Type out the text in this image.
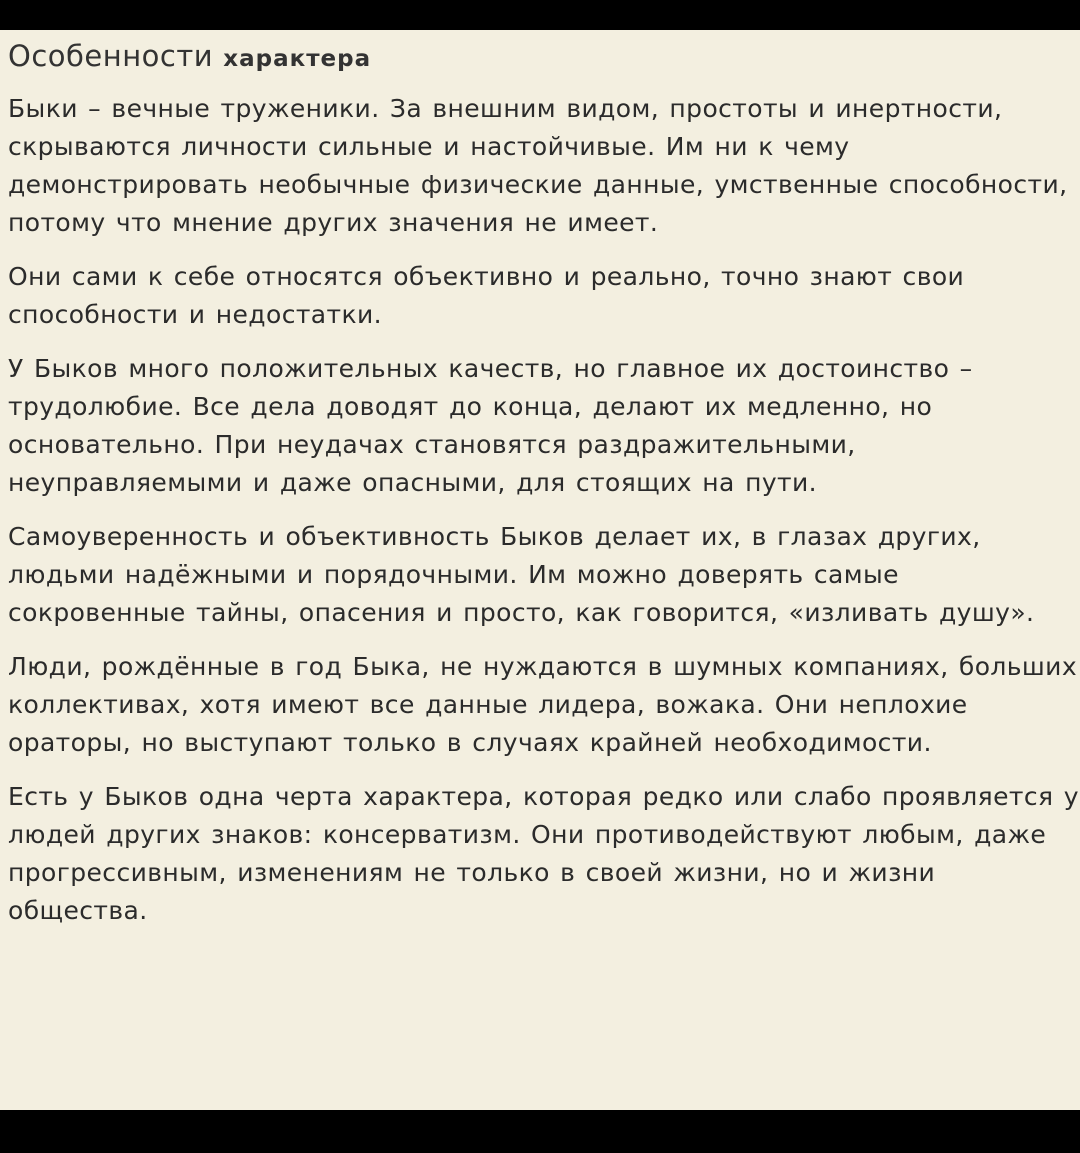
Особенности характера

Быки – вечные труженики. За внешним видом, простоты и инертности, скрываются личности сильные и настойчивые. Им ни к чему демонстрировать необычные физические данные, умственные способности, потому что мнение других значения не имеет.

Они сами к себе относятся объективно и реально, точно знают свои способности и недостатки.

У Быков много положительных качеств, но главное их достоинство – трудолюбие. Все дела доводят до конца, делают их медленно, но основательно. При неудачах становятся раздражительными, неуправляемыми и даже опасными, для стоящих на пути.

Самоуверенность и объективность Быков делает их, в глазах других, людьми надёжными и порядочными. Им можно доверять самые сокровенные тайны, опасения и просто, как говорится, «изливать душу».

Люди, рождённые в год Быка, не нуждаются в шумных компаниях, больших коллективах, хотя имеют все данные лидера, вожака. Они неплохие ораторы, но выступают только в случаях крайней необходимости.

Есть у Быков одна черта характера, которая редко или слабо проявляется у людей других знаков: консерватизм. Они противодействуют любым, даже прогрессивным, изменениям не только в своей жизни, но и жизни общества.
